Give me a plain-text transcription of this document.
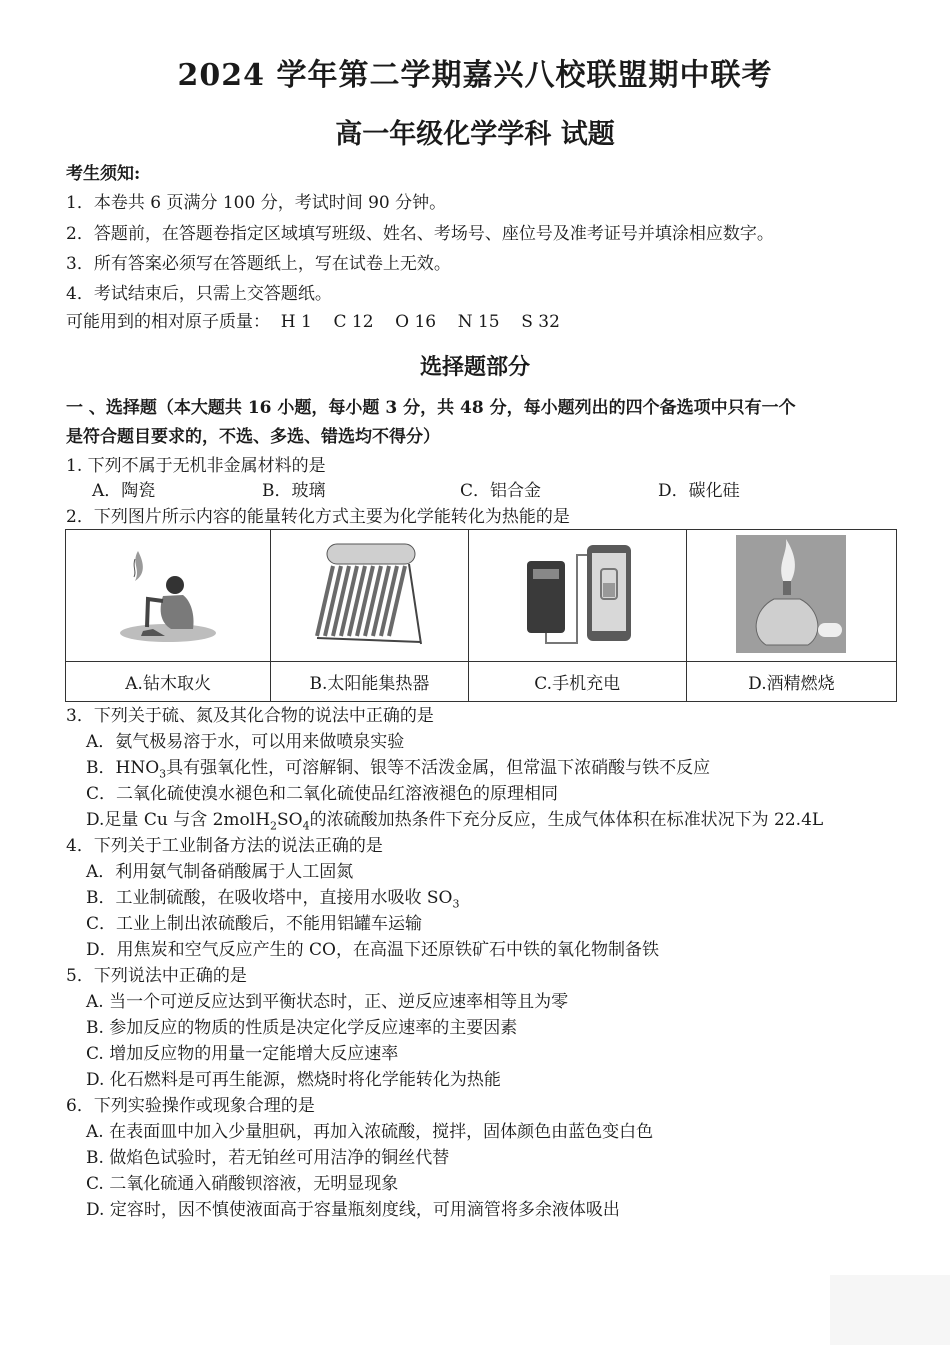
2024 学年第二学期嘉兴八校联盟期中联考
高一年级化学学科 试题
考生须知:
1．本卷共 6 页满分 100 分，考试时间 90 分钟。
2．答题前，在答题卷指定区域填写班级、姓名、考场号、座位号及准考证号并填涂相应数字。
3．所有答案必须写在答题纸上，写在试卷上无效。
4．考试结束后，只需上交答题纸。
可能用到的相对原子质量：  H 1    C 12    O 16    N 15    S 32
选择题部分
一 、选择题（本大题共 16 小题，每小题 3 分，共 48 分，每小题列出的四个备选项中只有一个
是符合题目要求的，不选、多选、错选均不得分）
1. 下列不属于无机非金属材料的是
A．陶瓷	B．玻璃	C．铝合金	D．碳化硅
2．下列图片所示内容的能量转化方式主要为化学能转化为热能的是

A.钻木取火	B.太阳能集热器	C.手机充电	D.酒精燃烧
3．下列关于硫、氮及其化合物的说法中正确的是
A．氨气极易溶于水，可以用来做喷泉实验
B．$HNO_3$具有强氧化性，可溶解铜、银等不活泼金属，但常温下浓硝酸与铁不反应
C．二氧化硫使溴水褪色和二氧化硫使品红溶液褪色的原理相同
D.足量 Cu 与含 $2molH_2SO_4$的浓硫酸加热条件下充分反应，生成气体体积在标准状况下为 22.4L
4．下列关于工业制备方法的说法正确的是
A．利用氨气制备硝酸属于人工固氮
B．工业制硫酸，在吸收塔中，直接用水吸收 $SO_3$
C．工业上制出浓硫酸后，不能用铝罐车运输
D．用焦炭和空气反应产生的 CO，在高温下还原铁矿石中铁的氧化物制备铁
5．下列说法中正确的是
A. 当一个可逆反应达到平衡状态时，正、逆反应速率相等且为零
B. 参加反应的物质的性质是决定化学反应速率的主要因素
C. 增加反应物的用量一定能增大反应速率
D. 化石燃料是可再生能源，燃烧时将化学能转化为热能
6．下列实验操作或现象合理的是
A. 在表面皿中加入少量胆矾，再加入浓硫酸，搅拌，固体颜色由蓝色变白色
B. 做焰色试验时，若无铂丝可用洁净的铜丝代替
C. 二氧化硫通入硝酸钡溶液，无明显现象
D. 定容时，因不慎使液面高于容量瓶刻度线，可用滴管将多余液体吸出
